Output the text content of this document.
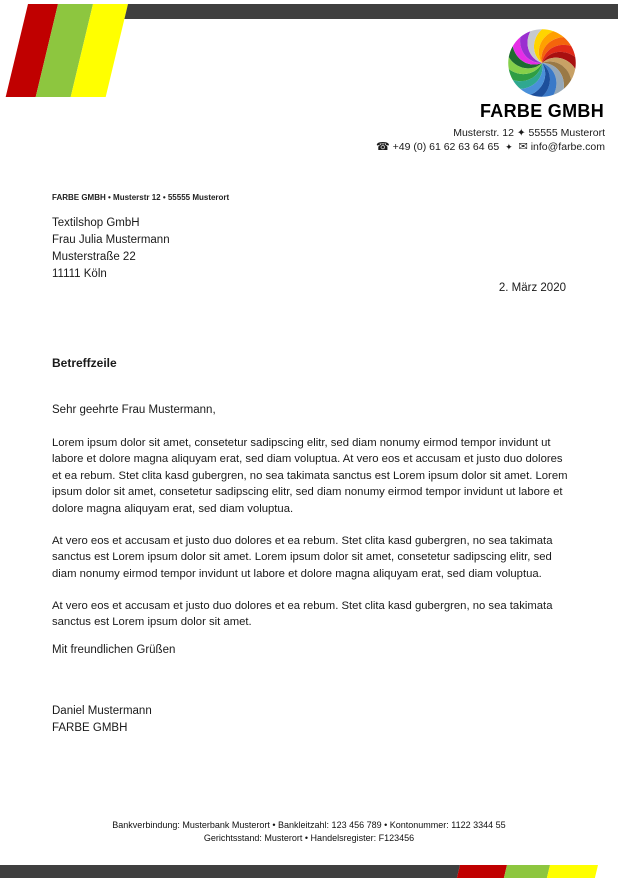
FARBE GMBH
Musterstr. 12 ✦ 55555 Musterort
☎ +49 (0) 61 62 63 64 65 ✦ ✉ info@farbe.com
FARBE GMBH • Musterstr 12 • 55555 Musterort
Textilshop GmbH
Frau Julia Mustermann
Musterstraße 22
11111 Köln
2. März 2020
Betreffzeile
Sehr geehrte Frau Mustermann,
Lorem ipsum dolor sit amet, consetetur sadipscing elitr, sed diam nonumy eirmod tempor invidunt ut labore et dolore magna aliquyam erat, sed diam voluptua. At vero eos et accusam et justo duo dolores et ea rebum. Stet clita kasd gubergren, no sea takimata sanctus est Lorem ipsum dolor sit amet. Lorem ipsum dolor sit amet, consetetur sadipscing elitr, sed diam nonumy eirmod tempor invidunt ut labore et dolore magna aliquyam erat, sed diam voluptua.
At vero eos et accusam et justo duo dolores et ea rebum. Stet clita kasd gubergren, no sea takimata sanctus est Lorem ipsum dolor sit amet. Lorem ipsum dolor sit amet, consetetur sadipscing elitr, sed diam nonumy eirmod tempor invidunt ut labore et dolore magna aliquyam erat, sed diam voluptua.
At vero eos et accusam et justo duo dolores et ea rebum. Stet clita kasd gubergren, no sea takimata sanctus est Lorem ipsum dolor sit amet.
Mit freundlichen Grüßen
Daniel Mustermann
FARBE GMBH
Bankverbindung: Musterbank Musterort • Bankleitzahl: 123 456 789 • Kontonummer: 1122 3344 55
Gerichtsstand: Musterort • Handelsregister: F123456
